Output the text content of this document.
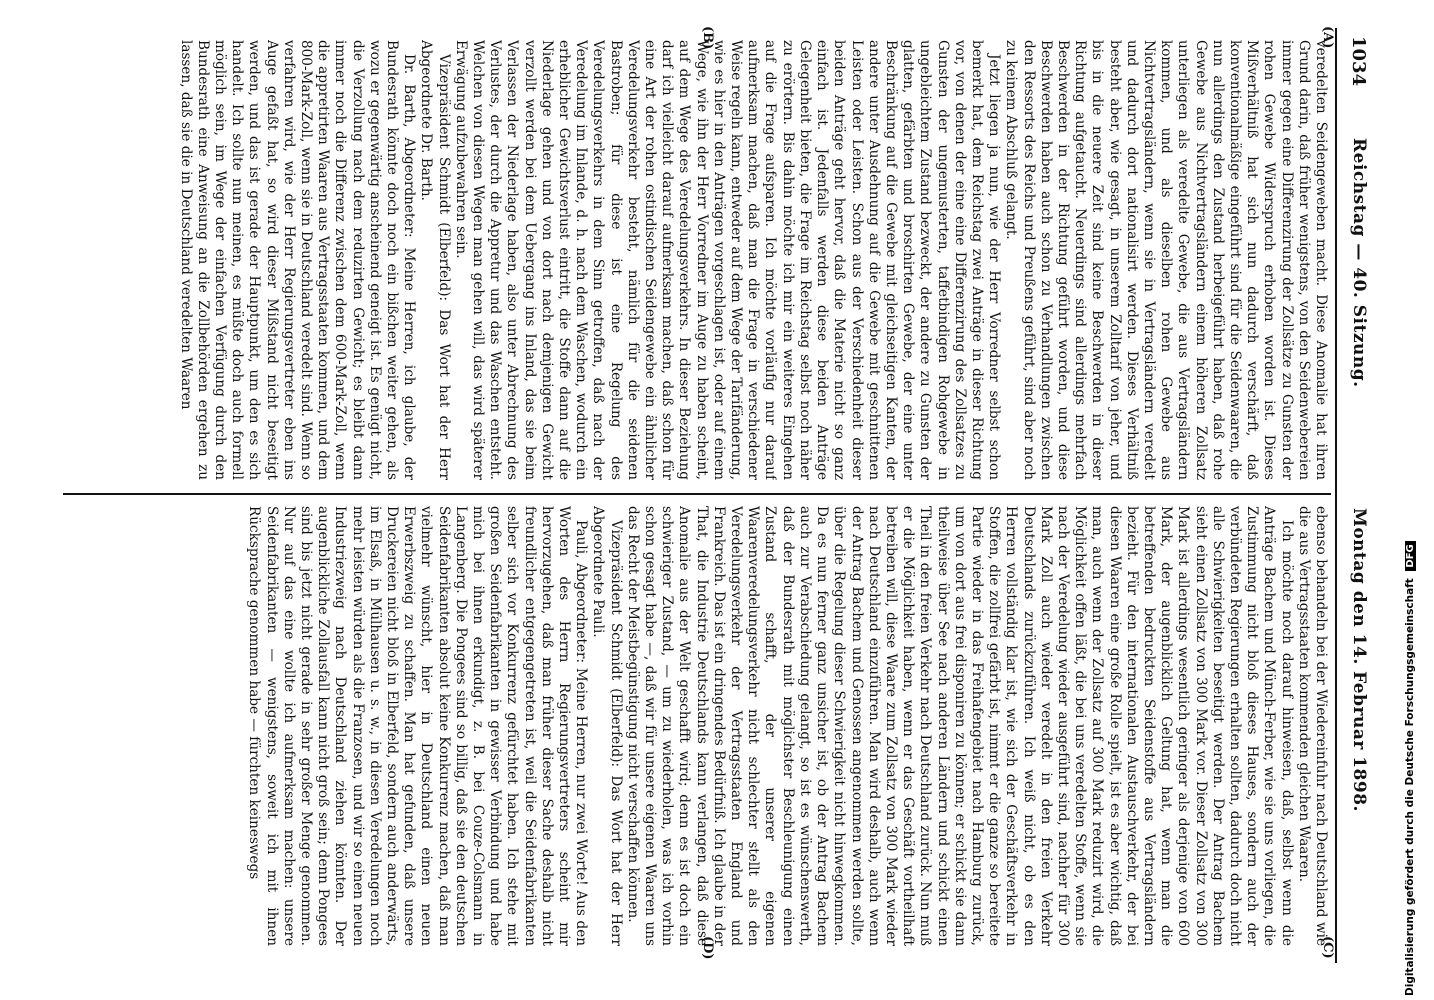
1034
Reichstag — 40. Sitzung.
Montag den 14. Februar 1898.

veredelten Seidengeweben macht. Diese Anomalie hat ihren Grund darin, daß früher wenigstens, von den Seidenwebereien immer gegen eine Differenzirung der Zollsätze zu Gunsten der rohen Gewebe Widerspruch erhoben worden ist. Dieses Mißverhältniß hat sich nun dadurch verschärft, daß konventionalmäßige eingeführt sind für die Seidenwaaren, die nun allerdings den Zustand herbeigeführt haben, daß rohe Gewebe aus Nichtvertragsländern einem höheren Zollsatz unterliegen als veredelte Gewebe, die aus Vertragsländern kommen, und als dieselben rohen Gewebe aus Nichtvertragsländern, wenn sie in Vertragsländern veredelt und dadurch dort nationalisirt werden. Dieses Verhältniß besteht aber, wie gesagt, in unserem Zolltarif von jeher, und bis in die neuere Zeit sind keine Beschwerden in dieser Richtung aufgetaucht. Neuerdings sind allerdings mehrfach Beschwerden in der Richtung geführt worden, und diese Beschwerden haben auch schon zu Verhandlungen zwischen den Ressorts des Reichs und Preußens geführt, sind aber noch zu keinem Abschluß gelangt.

Jetzt liegen ja nun, wie der Herr Vorredner selbst schon bemerkt hat, dem Reichstag zwei Anträge in dieser Richtung vor, von denen der eine eine Differenzirung des Zollsatzes zu Gunsten der ungemusterten, taffetbindigen Rohgewebe in ungebleichtem Zustand bezweckt, der andere zu Gunsten der glatten, gefärbten und broschirten Gewebe, der eine unter Beschränkung auf die Gewebe mit gleichseitigen Kanten, der andere unter Ausdehnung auf die Gewebe mit geschnittenen Leisten oder Leisten. Schon aus der Verschiedenheit dieser beiden Anträge geht hervor, daß die Materie nicht so ganz einfach ist. Jedenfalls werden diese beiden Anträge Gelegenheit bieten, die Frage im Reichstag selbst noch näher zu erörtern. Bis dahin möchte ich mir ein weiteres Eingehen auf die Frage aufsparen. Ich möchte vorläufig nur darauf aufmerksam machen, daß man die Frage in verschiedener Weise regeln kann, entweder auf dem Wege der Tarifänderung, wie es hier in den Anträgen vorgeschlagen ist, oder auf einem Wege, wie ihn der Herr Vorredner im Auge zu haben scheint, auf dem Wege des Veredelungsverkehrs. In dieser Beziehung darf ich vielleicht darauf aufmerksam machen, daß schon für eine Art der rohen ostindischen Seidengewebe ein ähnlicher Veredelungsverkehr besteht, nämlich für die seidenen Bastroben; für diese ist eine Regelung des Veredelungsverkehrs in dem Sinn getroffen, daß nach der Veredelung im Inlande, d. h. nach dem Waschen, wodurch ein erheblicher Gewichtsverlust eintritt, die Stoffe dann auf die Niederlage gehen und von dort nach demjenigen Gewicht verzollt werden bei dem Uebergang ins Inland, das sie beim Verlassen der Niederlage haben, also unter Abrechnung des Verlustes, der durch die Appretur und das Waschen entsteht. Welchen von diesen Wegen man gehen will, das wird späterer Erwägung aufzubewahren sein.

Vizepräsident Schmidt (Elberfeld): Das Wort hat der Herr Abgeordnete Dr. Barth.

Dr. Barth, Abgeordneter: Meine Herren, ich glaube, der Bundesrath könnte doch noch ein bißchen weiter gehen, als wozu er gegenwärtig anscheinend geneigt ist. Es genügt nicht, die Verzollung nach dem reduzirten Gewicht; es bleibt dann immer noch die Differenz zwischen dem 600-Mark-Zoll, wenn die appretirten Waaren aus Vertragsstaaten kommen, und dem 800-Mark-Zoll, wenn sie in Deutschland veredelt sind. Wenn so verfahren wird, wie der Herr Regierungsvertreter eben ins Auge gefaßt hat, so wird dieser Mißstand nicht beseitigt werden, und das ist gerade der Hauptpunkt, um den es sich handelt. Ich sollte nun meinen, es müßte doch auch formell möglich sein, im Wege der einfachen Verfügung durch den Bundesrath eine Anweisung an die Zollbehörden ergehen zu lassen, daß sie die in Deutschland veredelten Waaren

ebenso behandeln bei der Wiedereinfuhr nach Deutschland wie die aus Vertragsstaaten kommenden gleichen Waaren.

Ich möchte noch darauf hinweisen, daß, selbst wenn die Anträge Bachem und Münch-Ferber, wie sie uns vorliegen, die Zustimmung nicht bloß dieses Hauses, sondern auch der verbündeten Regierungen erhalten sollten, dadurch doch nicht alle Schwierigkeiten beseitigt werden. Der Antrag Bachem sieht einen Zollsatz von 300 Mark vor. Dieser Zollsatz von 300 Mark ist allerdings wesentlich geringer als derjenige von 600 Mark, der augenblicklich Geltung hat, wenn man die betreffenden bedruckten Seidenstoffe aus Vertragsländern bezieht. Für den internationalen Austauschverkehr, der bei diesen Waaren eine große Rolle spielt, ist es aber wichtig, daß man, auch wenn der Zollsatz auf 300 Mark reduzirt wird, die Möglichkeit offen läßt, die bei uns veredelten Stoffe, wenn sie nach der Veredelung wieder ausgeführt sind, nachher für 300 Mark Zoll auch wieder veredelt in den freien Verkehr Deutschlands zurückzuführen. Ich weiß nicht, ob es den Herren vollständig klar ist, wie sich der Geschäftsverkehr in Stoffen, die zollfrei gefärbt ist, nimmt er die ganze so bereitete Partie wieder in das Freihafengebiet nach Hamburg zurück, um von dort aus frei disponiren zu können; er schickt sie dann theilweise über See nach anderen Ländern und schickt einen Theil in den freien Verkehr nach Deutschland zurück. Nun muß er die Möglichkeit haben, wenn er das Geschäft vortheilhaft betreiben will, diese Waare zum Zollsatz von 300 Mark wieder nach Deutschland einzuführen. Man wird deshalb, auch wenn der Antrag Bachem und Genossen angenommen werden sollte, über die Regelung dieser Schwierigkeit nicht hinwegkommen. Da es nun ferner ganz unsicher ist, ob der Antrag Bachem auch zur Verabschiedung gelangt, so ist es wünschenswerth, daß der Bundesrath mit möglichster Beschleunigung einen Zustand schafft, der unserer eigenen Waarenveredelungsverkehr nicht schlechter stellt als den Veredelungsverkehr der Vertragsstaaten England und Frankreich. Das ist ein dringendes Bedürfniß. Ich glaube in der That, die Industrie Deutschlands kann verlangen, daß diese Anomalie aus der Welt geschafft wird; denn es ist doch ein schwieriger Zustand, — um zu wiederholen, was ich vorhin schon gesagt habe —, daß wir für unsere eigenen Waaren uns das Recht der Meistbegünstigung nicht verschaffen können.

Vizepräsident Schmidt (Elberfeld): Das Wort hat der Herr Abgeordnete Pauli.

Pauli, Abgeordneter: Meine Herren, nur zwei Worte! Aus den Worten des Herrn Regierungsvertreters scheint mir hervorzugehen, daß man früher dieser Sache deshalb nicht freundlicher entgegengetreten ist, weil die Seidenfabrikanten selber sich vor Konkurrenz gefürchtet haben. Ich stehe mit großen Seidenfabrikanten in gewisser Verbindung und habe mich bei ihnen erkundigt, z. B. bei Couze-Colsmann in Langenberg. Die Pongees sind so billig, daß sie den deutschen Seidenfabrikanten absolut keine Konkurrenz machen, daß man vielmehr wünscht, hier in Deutschland einen neuen Erwerbszweig zu schaffen. Man hat gefunden, daß unsere Druckereien nicht bloß in Elberfeld, sondern auch anderwärts, im Elsaß, in Mülhausen u. s. w., in diesen Veredelungen noch mehr leisten würden als die Franzosen, und wir so einen neuen Industriezweig nach Deutschland ziehen könnten. Der augenblickliche Zollausfall kann nicht groß sein; denn Pongees sind bis jetzt nicht gerade in sehr großer Menge genommen. Nur auf das eine wollte ich aufmerksam machen: unsere Seidenfabrikanten — wenigstens, soweit ich mit ihnen Rücksprache genommen habe — fürchten keineswegs

(A)
(B)
(C)
(D)	Digitalisierung gefördert durch die Deutsche Forschungsgemeinschaft DFG
